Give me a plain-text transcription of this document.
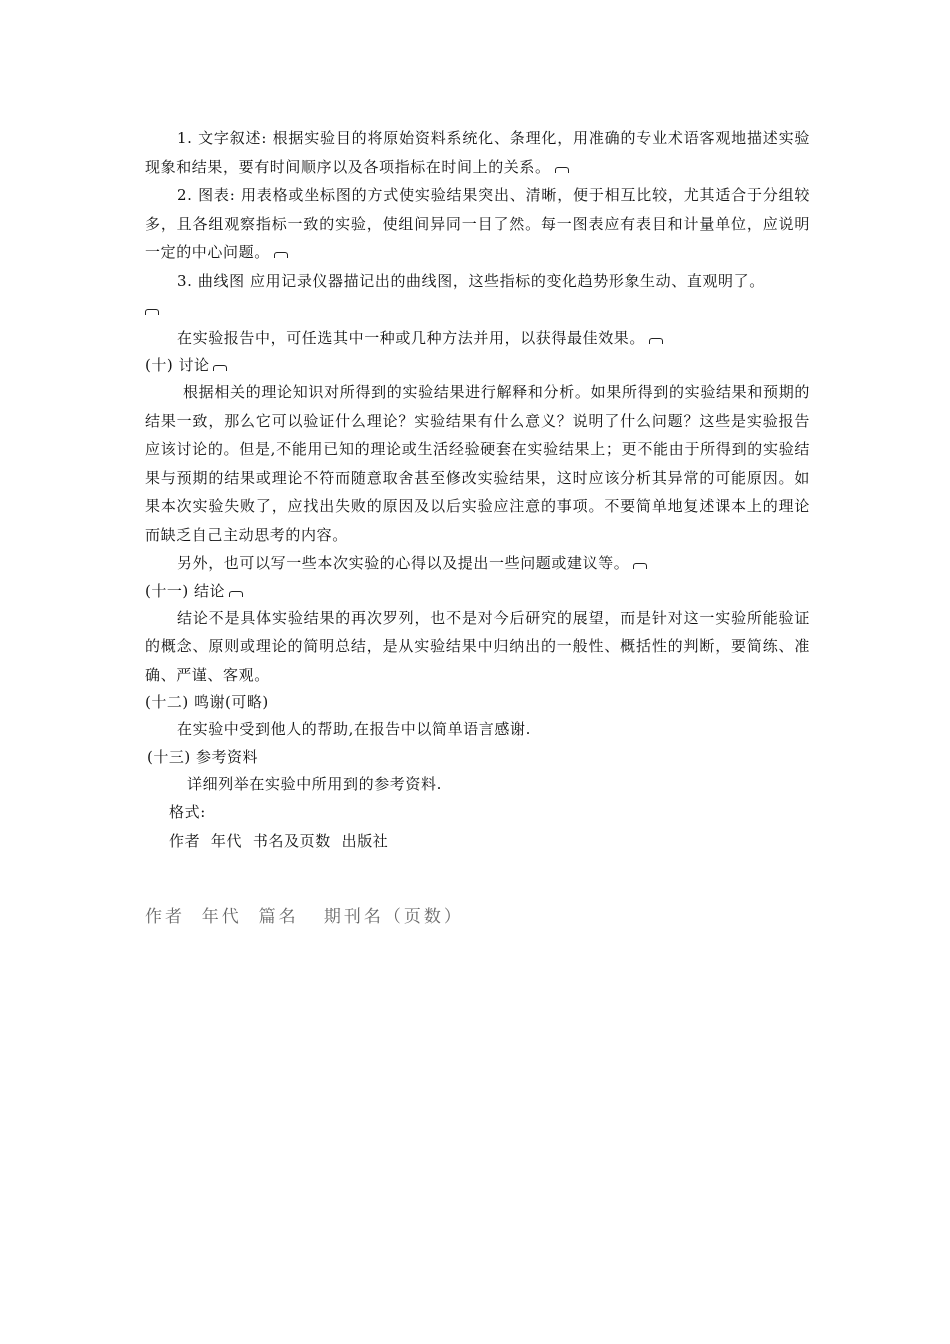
1. 文字叙述: 根据实验目的将原始资料系统化、条理化，用准确的专业术语客观地描述实验现象和结果，要有时间顺序以及各项指标在时间上的关系。

2. 图表: 用表格或坐标图的方式使实验结果突出、清晰，便于相互比较，尤其适合于分组较多，且各组观察指标一致的实验，使组间异同一目了然。每一图表应有表目和计量单位，应说明一定的中心问题。

3. 曲线图 应用记录仪器描记出的曲线图，这些指标的变化趋势形象生动、直观明了。

在实验报告中，可任选其中一种或几种方法并用，以获得最佳效果。

(十) 讨论

根据相关的理论知识对所得到的实验结果进行解释和分析。如果所得到的实验结果和预期的结果一致，那么它可以验证什么理论？实验结果有什么意义？说明了什么问题？这些是实验报告应该讨论的。但是,不能用已知的理论或生活经验硬套在实验结果上；更不能由于所得到的实验结果与预期的结果或理论不符而随意取舍甚至修改实验结果，这时应该分析其异常的可能原因。如果本次实验失败了，应找出失败的原因及以后实验应注意的事项。不要简单地复述课本上的理论而缺乏自己主动思考的内容。

另外，也可以写一些本次实验的心得以及提出一些问题或建议等。

(十一) 结论

结论不是具体实验结果的再次罗列，也不是对今后研究的展望，而是针对这一实验所能验证的概念、原则或理论的简明总结，是从实验结果中归纳出的一般性、概括性的判断，要简练、准确、严谨、客观。

(十二) 鸣谢(可略)

在实验中受到他人的帮助,在报告中以简单语言感谢.

(十三) 参考资料

详细列举在实验中所用到的参考资料.

格式:

作者  年代  书名及页数  出版社

作者  年代  篇名   期刊名（页数）
